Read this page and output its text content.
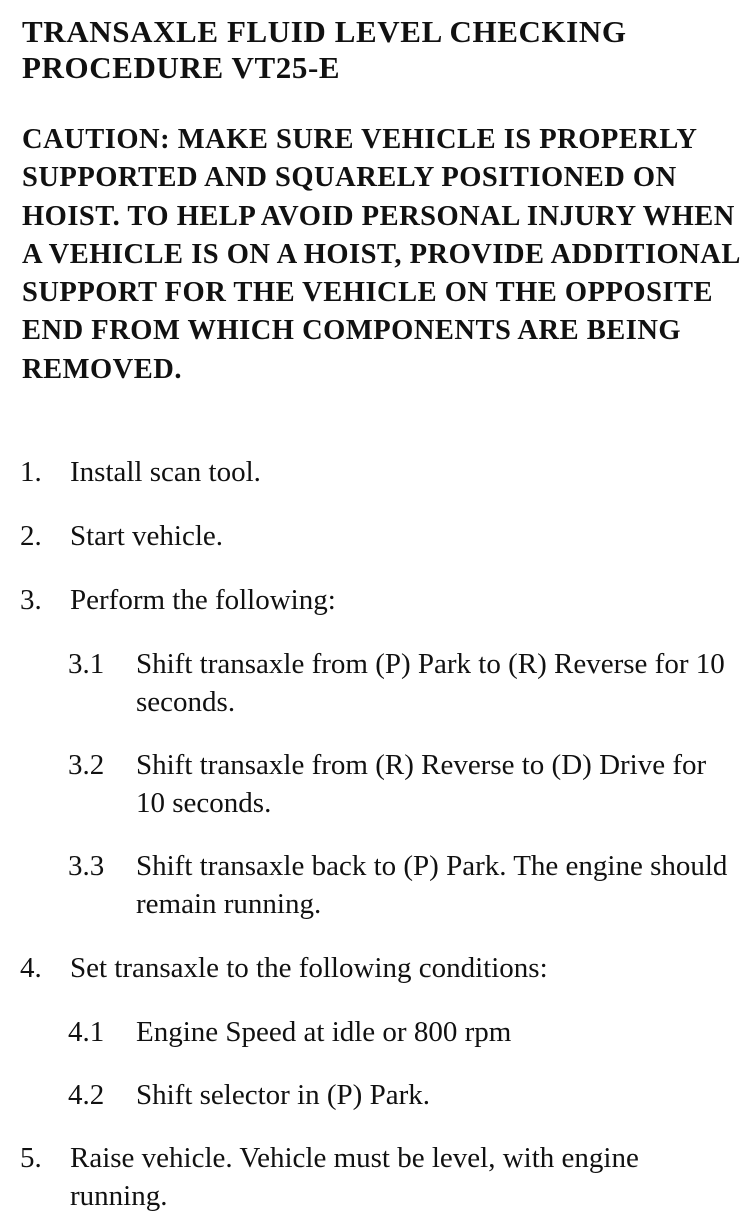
TRANSAXLE FLUID LEVEL CHECKING PROCEDURE VT25-E

CAUTION: MAKE SURE VEHICLE IS PROPERLY SUPPORTED AND SQUARELY POSITIONED ON HOIST. TO HELP AVOID PERSONAL INJURY WHEN A VEHICLE IS ON A HOIST, PROVIDE ADDITIONAL SUPPORT FOR THE VEHICLE ON THE OPPOSITE END FROM WHICH COMPONENTS ARE BEING REMOVED.

1. Install scan tool.
2. Start vehicle.
3. Perform the following:
3.1 Shift transaxle from (P) Park to (R) Reverse for 10 seconds.
3.2 Shift transaxle from (R) Reverse to (D) Drive for 10 seconds.
3.3 Shift transaxle back to (P) Park. The engine should remain running.
4. Set transaxle to the following conditions:
4.1 Engine Speed at idle or 800 rpm
4.2 Shift selector in (P) Park.
5. Raise vehicle. Vehicle must be level, with engine running.
